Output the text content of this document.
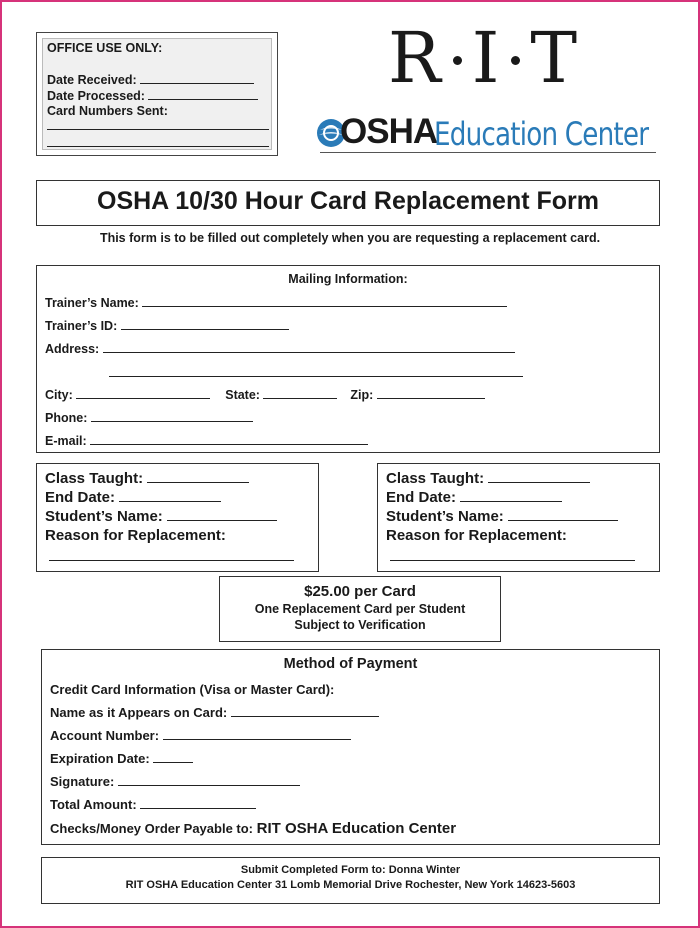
OFFICE USE ONLY:
Date Received:
Date Processed:
Card Numbers Sent:
R I T
OSHA
Education Center
OSHA 10/30 Hour Card Replacement Form
This form is to be filled out completely when you are requesting a replacement card.
Mailing Information:
Trainer’s Name:
Trainer’s ID:
Address:
City:	State:	Zip:
Phone:
E-mail:
Class Taught:
End Date:
Student’s Name:
Reason for Replacement:
Class Taught:
End Date:
Student’s Name:
Reason for Replacement:
$25.00 per Card
One Replacement Card per Student
Subject to Verification
Method of Payment
Credit Card Information (Visa or Master Card):
Name as it Appears on Card:
Account Number:
Expiration Date:
Signature:
Total Amount:
Checks/Money Order Payable to: RIT OSHA Education Center
Submit Completed Form to: Donna Winter
RIT OSHA Education Center 31 Lomb Memorial Drive Rochester, New York 14623-5603
